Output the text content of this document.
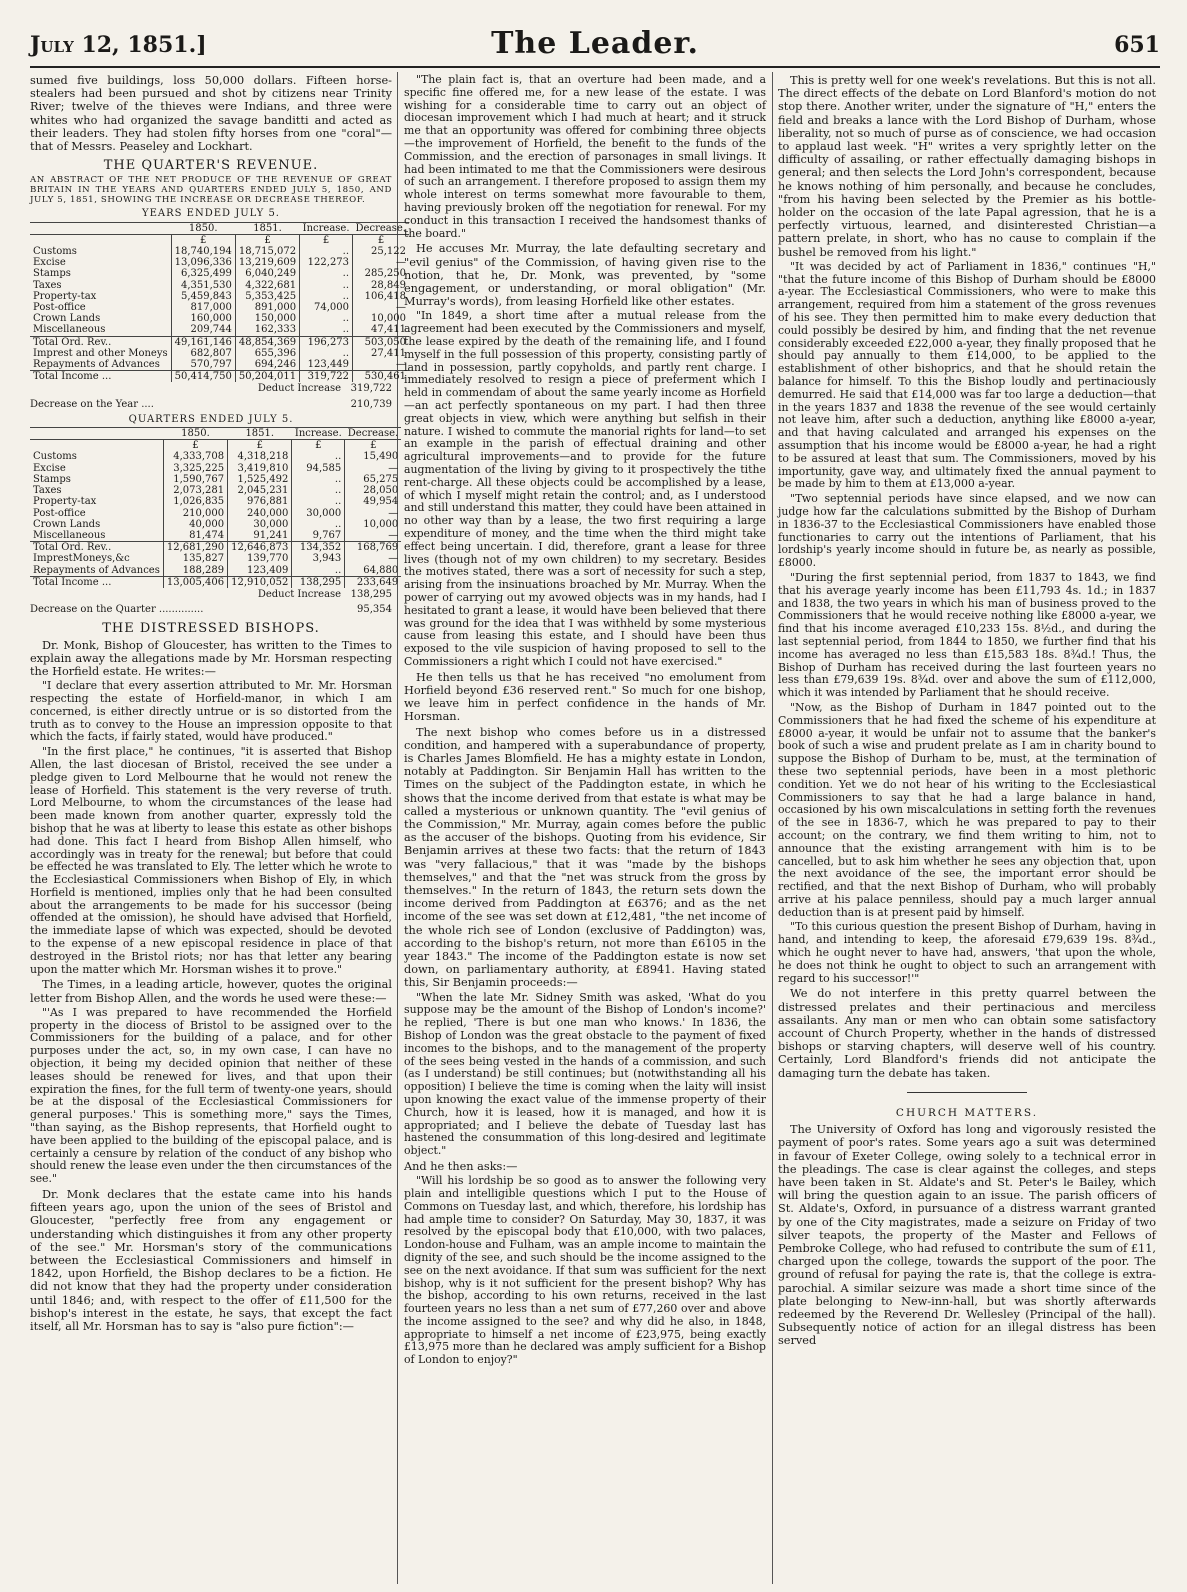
July 12, 1851.]	The Leader.	651

sumed five buildings, loss 50,000 dollars. Fifteen horse-stealers had been pursued and shot by citizens near Trinity River; twelve of the thieves were Indians, and three were whites who had organized the savage banditti and acted as their leaders. They had stolen fifty horses from one "coral"—that of Messrs. Peaseley and Lockhart.

THE QUARTER'S REVENUE.

AN ABSTRACT OF THE NET PRODUCE OF THE REVENUE OF GREAT BRITAIN IN THE YEARS AND QUARTERS ENDED JULY 5, 1850, AND JULY 5, 1851, SHOWING THE INCREASE OR DECREASE THEREOF.

YEARS ENDED JULY 5.
	1850.	1851.	Increase.	Decrease.
	£	£	£	£
Customs	18,740,194	18,715,072	..	25,122
Excise	13,096,336	13,219,609	122,273	—
Stamps	6,325,499	6,040,249	..	285,250
Taxes	4,351,530	4,322,681	..	28,849
Property-tax	5,459,843	5,353,425	..	106,418
Post-office	817,000	891,000	74,000	—
Crown Lands	160,000	150,000	..	10,000
Miscellaneous	209,744	162,333	..	47,411
Total Ord. Rev..	49,161,146	48,854,369	196,273	503,050
Imprest and other Moneys	682,807	655,396	..	27,411
Repayments of Advances	570,797	694,246	123,449	—
Total Income ...	50,414,750	50,204,011	319,722	530,461

Deduct Increase 319,722

Decrease on the Year ....	210,739

QUARTERS ENDED JULY 5.
	1850.	1851.	Increase.	Decrease.
	£	£	£	£
Customs	4,333,708	4,318,218	..	15,490
Excise	3,325,225	3,419,810	94,585	—
Stamps	1,590,767	1,525,492	..	65,275
Taxes	2,073,281	2,045,231	..	28,050
Property-tax	1,026,835	976,881	..	49,954
Post-office	210,000	240,000	30,000	—
Crown Lands	40,000	30,000	..	10,000
Miscellaneous	81,474	91,241	9,767	—
Total Ord. Rev..	12,681,290	12,646,873	134,352	168,769
ImprestMoneys,&c	135,827	139,770	3,943	—
Repayments of Advances	188,289	123,409	..	64,880
Total Income ...	13,005,406	12,910,052	138,295	233,649

Deduct Increase 138,295

Decrease on the Quarter ..............	95,354

THE DISTRESSED BISHOPS.

Dr. Monk, Bishop of Gloucester, has written to the Times to explain away the allegations made by Mr. Horsman respecting the Horfield estate. He writes:—

"I declare that every assertion attributed to Mr. Mr. Horsman respecting the estate of Horfield-manor, in which I am concerned, is either directly untrue or is so distorted from the truth as to convey to the House an impression opposite to that which the facts, if fairly stated, would have produced."

"In the first place," he continues, "it is asserted that Bishop Allen, the last diocesan of Bristol, received the see under a pledge given to Lord Melbourne that he would not renew the lease of Horfield. This statement is the very reverse of truth. Lord Melbourne, to whom the circumstances of the lease had been made known from another quarter, expressly told the bishop that he was at liberty to lease this estate as other bishops had done. This fact I heard from Bishop Allen himself, who accordingly was in treaty for the renewal; but before that could be effected he was translated to Ely. The letter which he wrote to the Ecclesiastical Commissioners when Bishop of Ely, in which Horfield is mentioned, implies only that he had been consulted about the arrangements to be made for his successor (being offended at the omission), he should have advised that Horfield, the immediate lapse of which was expected, should be devoted to the expense of a new episcopal residence in place of that destroyed in the Bristol riots; nor has that letter any bearing upon the matter which Mr. Horsman wishes it to prove."

The Times, in a leading article, however, quotes the original letter from Bishop Allen, and the words he used were these:—

"'As I was prepared to have recommended the Horfield property in the diocess of Bristol to be assigned over to the Commissioners for the building of a palace, and for other purposes under the act, so, in my own case, I can have no objection, it being my decided opinion that neither of these leases should be renewed for lives, and that upon their expiration the fines, for the full term of twenty-one years, should be at the disposal of the Ecclesiastical Commissioners for general purposes.' This is something more," says the Times, "than saying, as the Bishop represents, that Horfield ought to have been applied to the building of the episcopal palace, and is certainly a censure by relation of the conduct of any bishop who should renew the lease even under the then circumstances of the see."

Dr. Monk declares that the estate came into his hands fifteen years ago, upon the union of the sees of Bristol and Gloucester, "perfectly free from any engagement or understanding which distinguishes it from any other property of the see." Mr. Horsman's story of the communications between the Ecclesiastical Commissioners and himself in 1842, upon Horfield, the Bishop declares to be a fiction. He did not know that they had the property under consideration until 1846; and, with respect to the offer of £11,500 for the bishop's interest in the estate, he says, that except the fact itself, all Mr. Horsman has to say is "also pure fiction":—

"The plain fact is, that an overture had been made, and a specific fine offered me, for a new lease of the estate. I was wishing for a considerable time to carry out an object of diocesan improvement which I had much at heart; and it struck me that an opportunity was offered for combining three objects—the improvement of Horfield, the benefit to the funds of the Commission, and the erection of parsonages in small livings. It had been intimated to me that the Commissioners were desirous of such an arrangement. I therefore proposed to assign them my whole interest on terms somewhat more favourable to them, having previously broken off the negotiation for renewal. For my conduct in this transaction I received the handsomest thanks of the board."

He accuses Mr. Murray, the late defaulting secretary and "evil genius" of the Commission, of having given rise to the notion, that he, Dr. Monk, was prevented, by "some engagement, or understanding, or moral obligation" (Mr. Murray's words), from leasing Horfield like other estates.

"In 1849, a short time after a mutual release from the agreement had been executed by the Commissioners and myself, the lease expired by the death of the remaining life, and I found myself in the full possession of this property, consisting partly of land in possession, partly copyholds, and partly rent charge. I immediately resolved to resign a piece of preferment which I held in commendam of about the same yearly income as Horfield—an act perfectly spontaneous on my part. I had then three great objects in view, which were anything but selfish in their nature. I wished to commute the manorial rights for land—to set an example in the parish of effectual draining and other agricultural improvements—and to provide for the future augmentation of the living by giving to it prospectively the tithe rent-charge. All these objects could be accomplished by a lease, of which I myself might retain the control; and, as I understood and still understand this matter, they could have been attained in no other way than by a lease, the two first requiring a large expenditure of money, and the time when the third might take effect being uncertain. I did, therefore, grant a lease for three lives (though not of my own children) to my secretary. Besides the motives stated, there was a sort of necessity for such a step, arising from the insinuations broached by Mr. Murray. When the power of carrying out my avowed objects was in my hands, had I hesitated to grant a lease, it would have been believed that there was ground for the idea that I was withheld by some mysterious cause from leasing this estate, and I should have been thus exposed to the vile suspicion of having proposed to sell to the Commissioners a right which I could not have exercised."

He then tells us that he has received "no emolument from Horfield beyond £36 reserved rent." So much for one bishop, we leave him in perfect confidence in the hands of Mr. Horsman.

The next bishop who comes before us in a distressed condition, and hampered with a superabundance of property, is Charles James Blomfield. He has a mighty estate in London, notably at Paddington. Sir Benjamin Hall has written to the Times on the subject of the Paddington estate, in which he shows that the income derived from that estate is what may be called a mysterious or unknown quantity. The "evil genius of the Commission," Mr. Murray, again comes before the public as the accuser of the bishops. Quoting from his evidence, Sir Benjamin arrives at these two facts: that the return of 1843 was "very fallacious," that it was "made by the bishops themselves," and that the "net was struck from the gross by themselves." In the return of 1843, the return sets down the income derived from Paddington at £6376; and as the net income of the see was set down at £12,481, "the net income of the whole rich see of London (exclusive of Paddington) was, according to the bishop's return, not more than £6105 in the year 1843." The income of the Paddington estate is now set down, on parliamentary authority, at £8941. Having stated this, Sir Benjamin proceeds:—

"When the late Mr. Sidney Smith was asked, 'What do you suppose may be the amount of the Bishop of London's income?' he replied, 'There is but one man who knows.' In 1836, the Bishop of London was the great obstacle to the payment of fixed incomes to the bishops, and to the management of the property of the sees being vested in the hands of a commission, and such (as I understand) be still continues; but (notwithstanding all his opposition) I believe the time is coming when the laity will insist upon knowing the exact value of the immense property of their Church, how it is leased, how it is managed, and how it is appropriated; and I believe the debate of Tuesday last has hastened the consummation of this long-desired and legitimate object."

And he then asks:—

"Will his lordship be so good as to answer the following very plain and intelligible questions which I put to the House of Commons on Tuesday last, and which, therefore, his lordship has had ample time to consider? On Saturday, May 30, 1837, it was resolved by the episcopal body that £10,000, with two palaces, London-house and Fulham, was an ample income to maintain the dignity of the see, and such should be the income assigned to the see on the next avoidance. If that sum was sufficient for the next bishop, why is it not sufficient for the present bishop? Why has the bishop, according to his own returns, received in the last fourteen years no less than a net sum of £77,260 over and above the income assigned to the see? and why did he also, in 1848, appropriate to himself a net income of £23,975, being exactly £13,975 more than he declared was amply sufficient for a Bishop of London to enjoy?"

This is pretty well for one week's revelations. But this is not all. The direct effects of the debate on Lord Blanford's motion do not stop there. Another writer, under the signature of "H," enters the field and breaks a lance with the Lord Bishop of Durham, whose liberality, not so much of purse as of conscience, we had occasion to applaud last week. "H" writes a very sprightly letter on the difficulty of assailing, or rather effectually damaging bishops in general; and then selects the Lord John's correspondent, because he knows nothing of him personally, and because he concludes, "from his having been selected by the Premier as his bottle-holder on the occasion of the late Papal agression, that he is a perfectly virtuous, learned, and disinterested Christian—a pattern prelate, in short, who has no cause to complain if the bushel be removed from his light."

"It was decided by act of Parliament in 1836," continues "H," "that the future income of this Bishop of Durham should be £8000 a-year. The Ecclesiastical Commissioners, who were to make this arrangement, required from him a statement of the gross revenues of his see. They then permitted him to make every deduction that could possibly be desired by him, and finding that the net revenue considerably exceeded £22,000 a-year, they finally proposed that he should pay annually to them £14,000, to be applied to the establishment of other bishoprics, and that he should retain the balance for himself. To this the Bishop loudly and pertinaciously demurred. He said that £14,000 was far too large a deduction—that in the years 1837 and 1838 the revenue of the see would certainly not leave him, after such a deduction, anything like £8000 a-year, and that having calculated and arranged his expenses on the assumption that his income would be £8000 a-year, he had a right to be assured at least that sum. The Commissioners, moved by his importunity, gave way, and ultimately fixed the annual payment to be made by him to them at £13,000 a-year.

"Two septennial periods have since elapsed, and we now can judge how far the calculations submitted by the Bishop of Durham in 1836-37 to the Ecclesiastical Commissioners have enabled those functionaries to carry out the intentions of Parliament, that his lordship's yearly income should in future be, as nearly as possible, £8000.

"During the first septennial period, from 1837 to 1843, we find that his average yearly income has been £11,793 4s. 1d.; in 1837 and 1838, the two years in which his man of business proved to the Commissioners that he would receive nothing like £8000 a-year, we find that his income averaged £10,233 15s. 8½d., and during the last septennial period, from 1844 to 1850, we further find that his income has averaged no less than £15,583 18s. 8¾d.! Thus, the Bishop of Durham has received during the last fourteen years no less than £79,639 19s. 8¾d. over and above the sum of £112,000, which it was intended by Parliament that he should receive.

"Now, as the Bishop of Durham in 1847 pointed out to the Commissioners that he had fixed the scheme of his expenditure at £8000 a-year, it would be unfair not to assume that the banker's book of such a wise and prudent prelate as I am in charity bound to suppose the Bishop of Durham to be, must, at the termination of these two septennial periods, have been in a most plethoric condition. Yet we do not hear of his writing to the Ecclesiastical Commissioners to say that he had a large balance in hand, occasioned by his own miscalculations in setting forth the revenues of the see in 1836-7, which he was prepared to pay to their account; on the contrary, we find them writing to him, not to announce that the existing arrangement with him is to be cancelled, but to ask him whether he sees any objection that, upon the next avoidance of the see, the important error should be rectified, and that the next Bishop of Durham, who will probably arrive at his palace penniless, should pay a much larger annual deduction than is at present paid by himself.

"To this curious question the present Bishop of Durham, having in hand, and intending to keep, the aforesaid £79,639 19s. 8¾d., which he ought never to have had, answers, 'that upon the whole, he does not think he ought to object to such an arrangement with regard to his successor!'"

We do not interfere in this pretty quarrel between the distressed prelates and their pertinacious and merciless assailants. Any man or men who can obtain some satisfactory account of Church Property, whether in the hands of distressed bishops or starving chapters, will deserve well of his country. Certainly, Lord Blandford's friends did not anticipate the damaging turn the debate has taken.

CHURCH MATTERS.

The University of Oxford has long and vigorously resisted the payment of poor's rates. Some years ago a suit was determined in favour of Exeter College, owing solely to a technical error in the pleadings. The case is clear against the colleges, and steps have been taken in St. Aldate's and St. Peter's le Bailey, which will bring the question again to an issue. The parish officers of St. Aldate's, Oxford, in pursuance of a distress warrant granted by one of the City magistrates, made a seizure on Friday of two silver teapots, the property of the Master and Fellows of Pembroke College, who had refused to contribute the sum of £11, charged upon the college, towards the support of the poor. The ground of refusal for paying the rate is, that the college is extra-parochial. A similar seizure was made a short time since of the plate belonging to New-inn-hall, but was shortly afterwards redeemed by the Reverend Dr. Wellesley (Principal of the hall). Subsequently notice of action for an illegal distress has been served
